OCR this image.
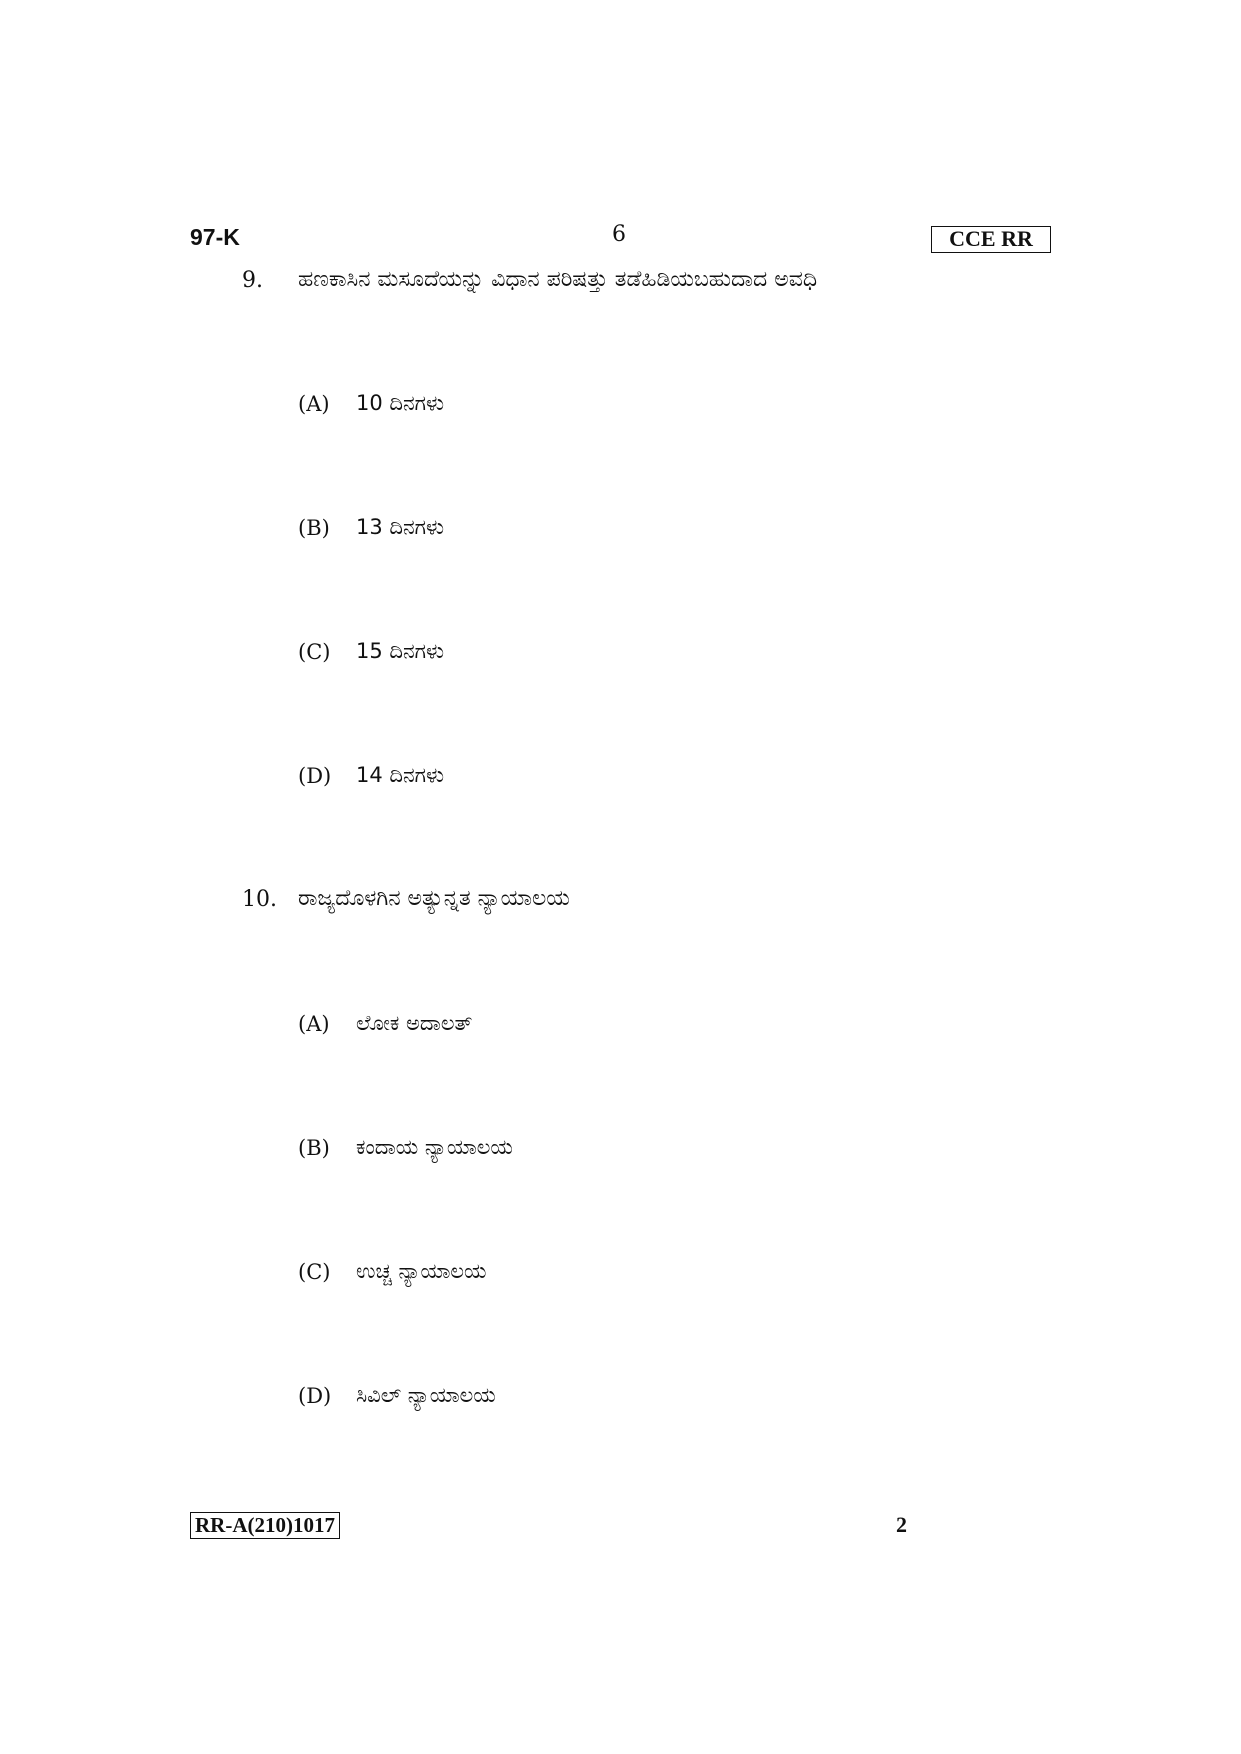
97-K	6	CCE RR
9. ಹಣಕಾಸಿನ ಮಸೂದೆಯನ್ನು ವಿಧಾನ ಪರಿಷತ್ತು ತಡೆಹಿಡಿಯಬಹುದಾದ ಅವಧಿ
(A) 10 ದಿನಗಳು
(B) 13 ದಿನಗಳು
(C) 15 ದಿನಗಳು
(D) 14 ದಿನಗಳು
10. ರಾಜ್ಯದೊಳಗಿನ ಅತ್ಯುನ್ನತ ನ್ಯಾಯಾಲಯ
(A) ಲೋಕ ಅದಾಲತ್
(B) ಕಂದಾಯ ನ್ಯಾಯಾಲಯ
(C) ಉಚ್ಚ ನ್ಯಾಯಾಲಯ
(D) ಸಿವಿಲ್ ನ್ಯಾಯಾಲಯ
RR-A(210)1017	2
